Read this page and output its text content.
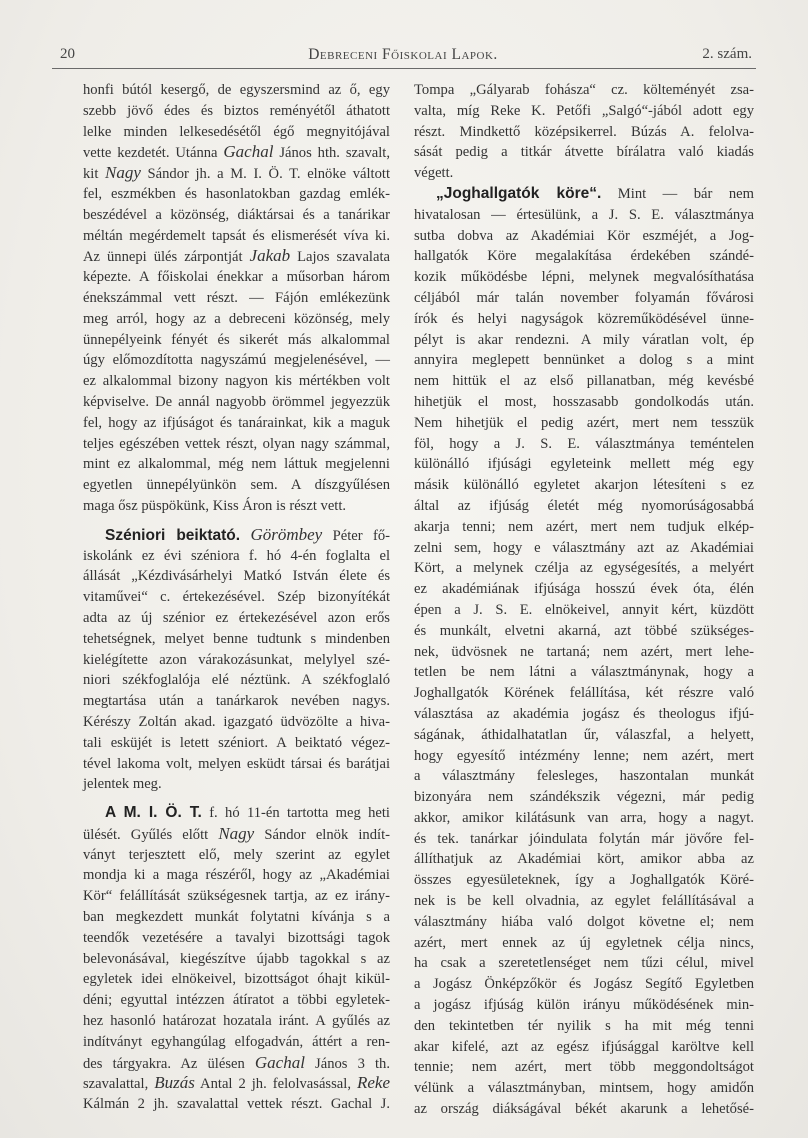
20	Debreceni Főiskolai Lapok.	2. szám.
honfi bútól kesergő, de egyszersmind az ő, egy
szebb jövő édes és biztos reményétől áthatott
lelke minden lelkesedésétől égő megnyitójával
vette kezdetét. Utánna Gachal János hth. szavalt,
kit Nagy Sándor jh. a M. I. Ö. T. elnöke váltott
fel, eszmékben és hasonlatokban gazdag emlék-
beszédével a közönség, diáktársai és a tanárikar
méltán megérdemelt tapsát és elismerését víva ki.
Az ünnepi ülés zárpontját Jakab Lajos szavalata
képezte. A főiskolai énekkar a műsorban három
énekszámmal vett részt. — Fájón emlékezünk
meg arról, hogy az a debreceni közönség, mely
ünnepélyeink fényét és sikerét más alkalommal
úgy előmozdította nagyszámú megjelenésével, —
ez alkalommal bizony nagyon kis mértékben volt
képviselve. De annál nagyobb örömmel jegyezzük
fel, hogy az ifjúságot és tanárainkat, kik a maguk
teljes egészében vettek részt, olyan nagy számmal,
mint ez alkalommal, még nem láttuk megjelenni
egyetlen ünnepélyünkön sem. A díszgyűlésen
maga ősz püspökünk, Kiss Áron is részt vett.
Széniori beiktató. Görömbey Péter fő-
iskolánk ez évi széniora f. hó 4-én foglalta el
állását „Kézdivásárhelyi Matkó István élete és
vitaművei“ c. értekezésével. Szép bizonyítékát
adta az új szénior ez értekezésével azon erős
tehetségnek, melyet benne tudtunk s mindenben
kielégítette azon várakozásunkat, melylyel szé-
niori székfoglalója elé néztünk. A székfoglaló
megtartása után a tanárkarok nevében nagys.
Kérészy Zoltán akad. igazgató üdvözölte a hiva-
tali esküjét is letett széniort. A beiktató végez-
tével lakoma volt, melyen esküdt társai és barátjai
jelentek meg.
A M. I. Ö. T. f. hó 11-én tartotta meg heti
ülését. Gyűlés előtt Nagy Sándor elnök indít-
ványt terjesztett elő, mely szerint az egylet
mondja ki a maga részéről, hogy az „Akadémiai
Kör“ felállítását szükségesnek tartja, az ez irány-
ban megkezdett munkát folytatni kívánja s a
teendők vezetésére a tavalyi bizottsági tagok
belevonásával, kiegészítve újabb tagokkal s az
egyletek idei elnökeivel, bizottságot óhajt kikül-
déni; egyuttal intézzen átíratot a többi egyletek-
hez hasonló határozat hozatala iránt. A gyűlés az
indítványt egyhangúlag elfogadván, áttért a ren-
des tárgyakra. Az ülésen Gachal János 3 th.
szavalattal, Buzás Antal 2 jh. felolvasással, Reke
Kálmán 2 jh. szavalattal vettek részt. Gachal J.
Tompa „Gályarab fohásza“ cz. költeményét zsa-
valta, míg Reke K. Petőfi „Salgó“-jából adott egy
részt. Mindkettő középsikerrel. Búzás A. felolva-
sását pedig a titkár átvette bírálatra való kiadás
végett.
„Joghallgatók köre“. Mint — bár nem
hivatalosan — értesülünk, a J. S. E. választmánya
sutba dobva az Akadémiai Kör eszméjét, a Jog-
hallgatók Köre megalakítása érdekében szándé-
kozik működésbe lépni, melynek megvalósíthatása
céljából már talán november folyamán fővárosi
írók és helyi nagyságok közreműködésével ünne-
pélyt is akar rendezni. A mily váratlan volt, ép
annyira meglepett bennünket a dolog s a mint
nem hittük el az első pillanatban, még kevésbé
hihetjük el most, hosszasabb gondolkodás után.
Nem hihetjük el pedig azért, mert nem tesszük
föl, hogy a J. S. E. választmánya teméntelen
különálló ifjúsági egyleteink mellett még egy
másik különálló egyletet akarjon létesíteni s ez
által az ifjúság életét még nyomorúságosabbá
akarja tenni; nem azért, mert nem tudjuk elkép-
zelni sem, hogy e választmány azt az Akadémiai
Kört, a melynek czélja az egységesítés, a melyért
ez akadémiának ifjúsága hosszú évek óta, élén
épen a J. S. E. elnökeivel, annyit kért, küzdött
és munkált, elvetni akarná, azt többé szükséges-
nek, üdvösnek ne tartaná; nem azért, mert lehe-
tetlen be nem látni a választmánynak, hogy a
Joghallgatók Körének felállítása, két részre való
választása az akadémia jogász és theologus ifjú-
ságának, áthidalhatatlan űr, válaszfal, a helyett,
hogy egyesítő intézmény lenne; nem azért, mert
a választmány felesleges, haszontalan munkát
bizonyára nem szándékszik végezni, már pedig
akkor, amikor kilátásunk van arra, hogy a nagyt.
és tek. tanárkar jóindulata folytán már jövőre fel-
állíthatjuk az Akadémiai kört, amikor abba az
összes egyesületeknek, így a Joghallgatók Köré-
nek is be kell olvadnia, az egylet felállításával a
választmány hiába való dolgot követne el; nem
azért, mert ennek az új egyletnek célja nincs,
ha csak a szeretetlenséget nem tűzi célul, mivel
a Jogász Önképzőkör és Jogász Segítő Egyletben
a jogász ifjúság külön irányu működésének min-
den tekintetben tér nyilik s ha mit még tenni
akar kifelé, azt az egész ifjúsággal karöltve kell
tennie; nem azért, mert több meggondoltságot
vélünk a választmányban, mintsem, hogy amidőn
az ország diákságával békét akarunk a lehetősé-
